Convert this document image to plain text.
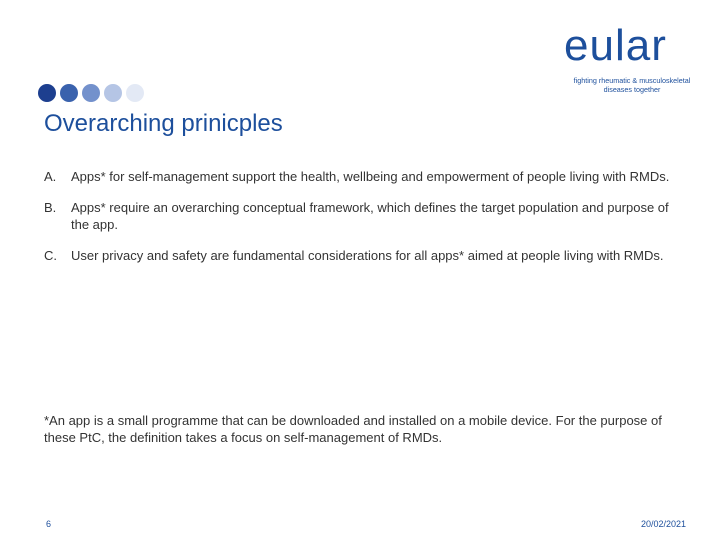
eular
fighting rheumatic & musculoskeletal
diseases together
Overarching prinicples
A.	Apps* for self-management support the health, wellbeing and empowerment of people living with RMDs.
B.	Apps* require an overarching conceptual framework, which defines the target population and purpose of the app.
C.	User privacy and safety are fundamental considerations for all apps* aimed at people living with RMDs.
*An app is a small programme that can be downloaded and installed on a mobile device. For the purpose of these PtC, the definition takes a focus on self-management of RMDs.
6	20/02/2021
